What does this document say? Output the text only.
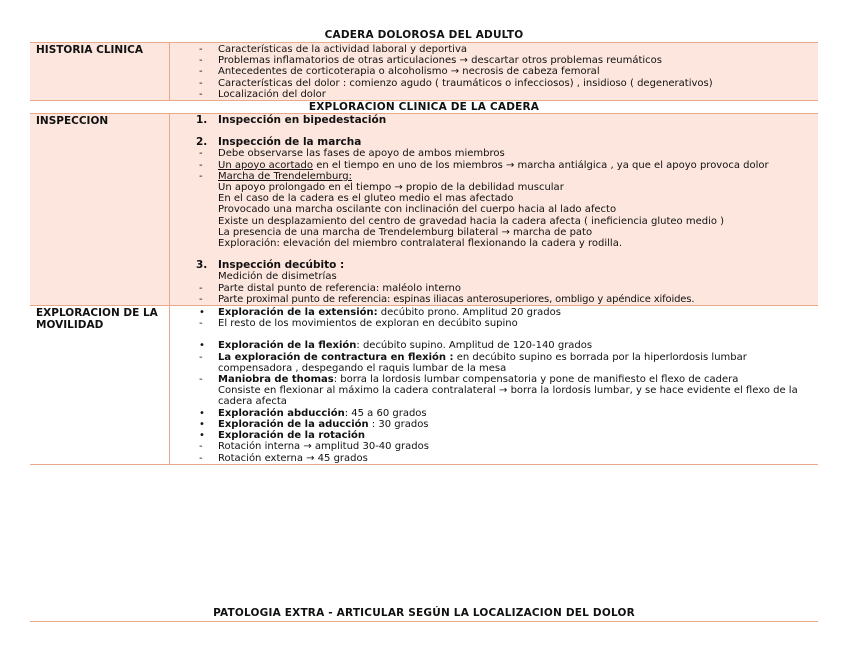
CADERA DOLOROSA DEL ADULTO
HISTORIA CLINICA	- Características de la actividad laboral y deportiva
- Problemas inflamatorios de otras articulaciones → descartar otros problemas reumáticos
- Antecedentes de corticoterapia o alcoholismo → necrosis de cabeza femoral
- Características del dolor : comienzo agudo ( traumáticos o infecciosos) , insidioso ( degenerativos)
- Localización del dolor
EXPLORACION CLINICA DE LA CADERA
INSPECCION	1. Inspección en bipedestación
2. Inspección de la marcha
- Debe observarse las fases de apoyo de ambos miembros
- Un apoyo acortado en el tiempo en uno de los miembros → marcha antiálgica , ya que el apoyo provoca dolor
- Marcha de Trendelemburg:
Un apoyo prolongado en el tiempo → propio de la debilidad muscular
En el caso de la cadera es el gluteo medio el mas afectado
Provocado una marcha oscilante con inclinación del cuerpo hacia al lado afecto
Existe un desplazamiento del centro de gravedad hacia la cadera afecta ( ineficiencia gluteo medio )
La presencia de una marcha de Trendelemburg bilateral → marcha de pato
Exploración: elevación del miembro contralateral flexionando la cadera y rodilla.
3. Inspección decúbito :
Medición de disimetrías
- Parte distal punto de referencia: maléolo interno
- Parte proximal punto de referencia: espinas iliacas anterosuperiores, ombligo y apéndice xifoides.
EXPLORACION DE LA MOVILIDAD
• Exploración de la extensión: decúbito prono. Amplitud 20 grados
- El resto de los movimientos de exploran en decúbito supino
• Exploración de la flexión: decúbito supino. Amplitud de 120-140 grados
- La exploración de contractura en flexión : en decúbito supino es borrada por la hiperlordosis lumbar compensadora , despegando el raquis lumbar de la mesa
- Maniobra de thomas: borra la lordosis lumbar compensatoria y pone de manifiesto el flexo de cadera
Consiste en flexionar al máximo la cadera contralateral → borra la lordosis lumbar, y se hace evidente el flexo de la cadera afecta
• Exploración abducción: 45 a 60 grados
• Exploración de la aducción : 30 grados
• Exploración de la rotación
- Rotación interna → amplitud 30-40 grados
- Rotación externa → 45 grados
PATOLOGIA EXTRA - ARTICULAR SEGÚN LA LOCALIZACION DEL DOLOR
